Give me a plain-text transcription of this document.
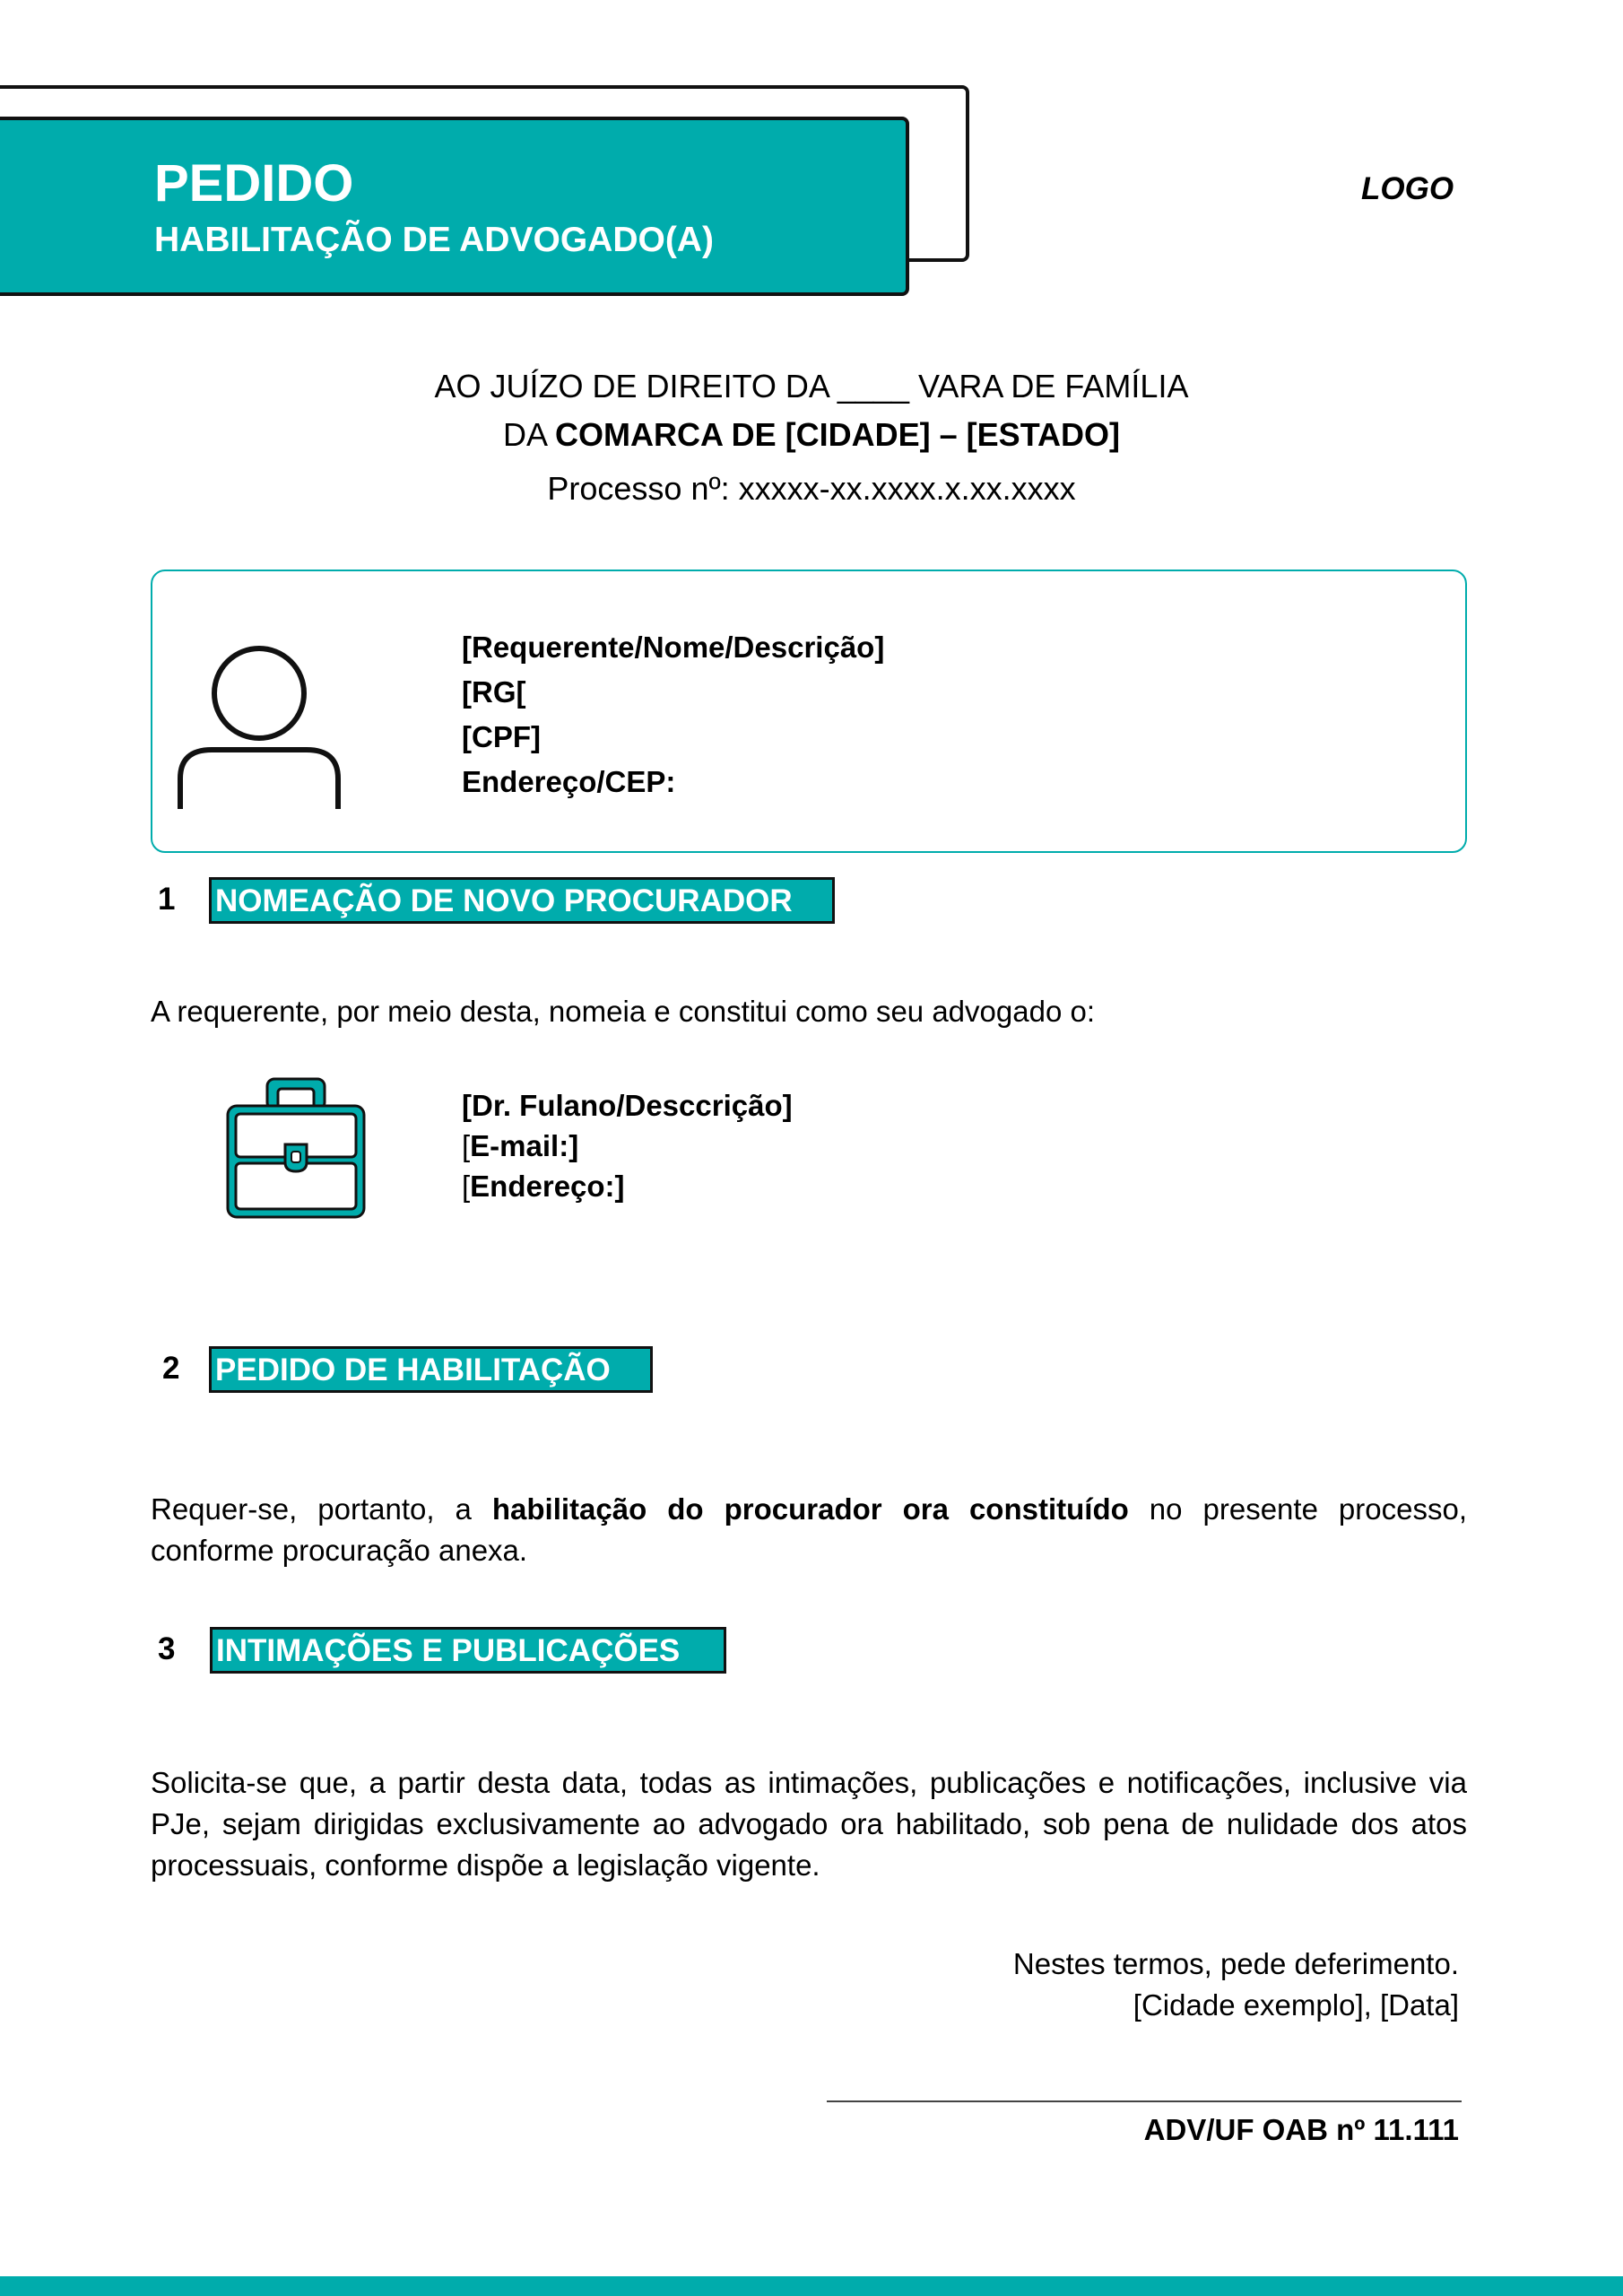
PEDIDO
HABILITAÇÃO DE ADVOGADO(A)
LOGO
AO JUÍZO DE DIREITO DA ____ VARA DE FAMÍLIA
DA COMARCA DE [CIDADE] – [ESTADO]
Processo nº: xxxxx-xx.xxxx.x.xx.xxxx
[Requerente/Nome/Descrição]
[RG[
[CPF]
Endereço/CEP:
1 NOMEAÇÃO DE NOVO PROCURADOR
A requerente, por meio desta, nomeia e constitui como seu advogado o:
[Dr. Fulano/Desccrição]
[E-mail:]
[Endereço:]
2 PEDIDO DE HABILITAÇÃO
Requer-se, portanto, a habilitação do procurador ora constituído no presente processo, conforme procuração anexa.
3 INTIMAÇÕES E PUBLICAÇÕES
Solicita-se que, a partir desta data, todas as intimações, publicações e notificações, inclusive via PJe, sejam dirigidas exclusivamente ao advogado ora habilitado, sob pena de nulidade dos atos processuais, conforme dispõe a legislação vigente.
Nestes termos, pede deferimento.
[Cidade exemplo], [Data]
ADV/UF OAB nº 11.111
